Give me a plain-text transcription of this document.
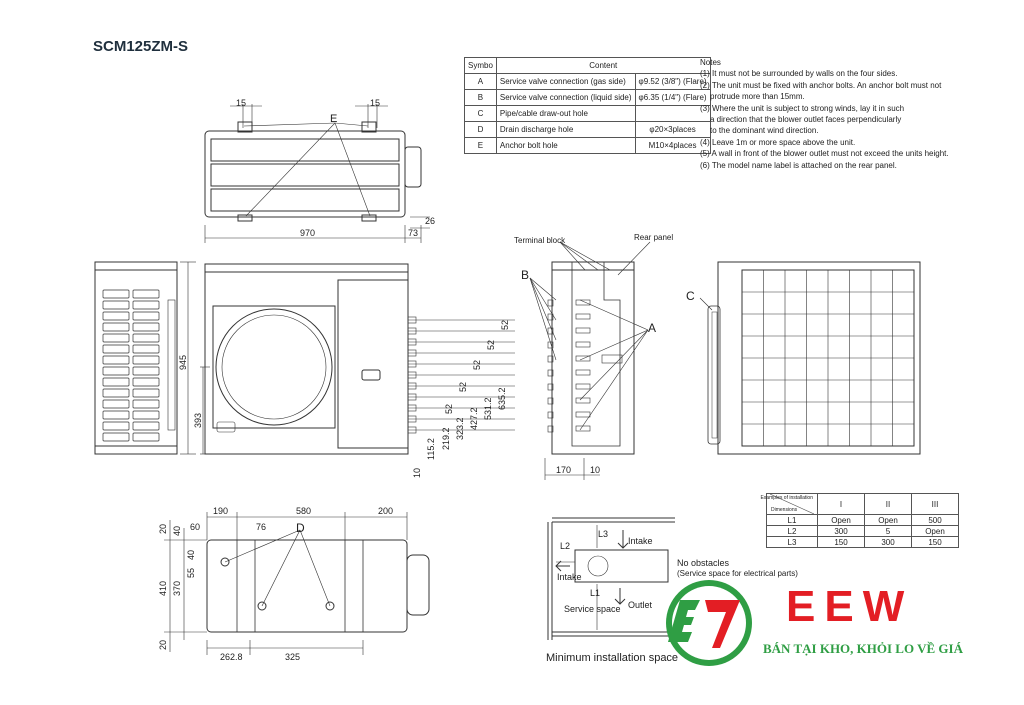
SCM125ZM-S
Symbo	Content	
A	Service valve connection (gas side)	φ9.52 (3/8") (Flare)
B	Service valve connection (liquid side)	φ6.35 (1/4") (Flare)
C	Pipe/cable draw-out hole	
D	Drain discharge hole	φ20×3places
E	Anchor bolt hole	M10×4places
Notes
(1) It must not be surrounded by walls on the four sides.
(2) The unit must be fixed with anchor bolts. An anchor bolt must not
protrude more than 15mm.
(3) Where the unit is subject to strong winds, lay it in such
a direction that the blower outlet faces perpendicularly
to the dominant wind direction.
(4) Leave 1m or more space above the unit.
(5) A wall in front of the blower outlet must not exceed the units height.
(6) The model name label is attached on the rear panel.
15	15
E
970	73
26
945
393
10
52
52
52
52
52
115.2 219.2 323.2 427.2 531.2 635.2
Terminal block	Rear panel
B
A
170 10
C
190	580	200
60	76 D
20 40
55
40
410 370
20
262.8	325
L3
Intake
L2
Intake
L1
Outlet
Service space
No obstacles
(Service space for electrical parts)
Minimum installation space
Examples of installation
Dimensions	I	II	III
L1	Open	Open	500
L2	300	5	Open
L3	150	300	150
EEW
BÁN TẠI KHO, KHỎI LO VỀ GIÁ
